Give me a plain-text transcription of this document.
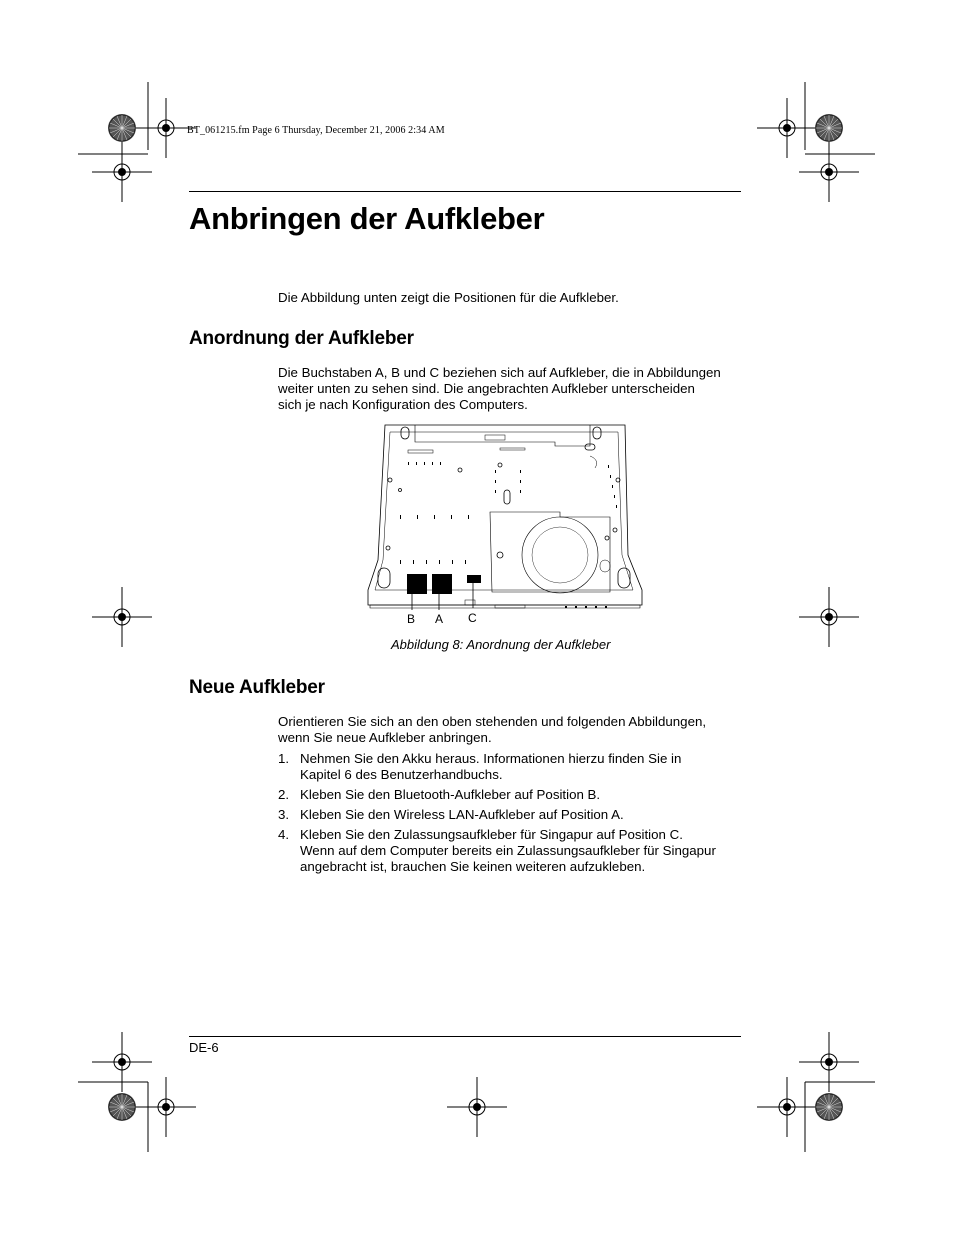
BT_061215.fm Page 6 Thursday, December 21, 2006 2:34 AM
Anbringen der Aufkleber
Die Abbildung unten zeigt die Positionen für die Aufkleber.
Anordnung der Aufkleber
Die Buchstaben A, B und C beziehen sich auf Aufkleber, die in Abbildungen
weiter unten zu sehen sind. Die angebrachten Aufkleber unterscheiden
sich je nach Konfiguration des Computers.
B A C
Abbildung 8: Anordnung der Aufkleber
Neue Aufkleber
Orientieren Sie sich an den oben stehenden und folgenden Abbildungen,
wenn Sie neue Aufkleber anbringen.
1. Nehmen Sie den Akku heraus. Informationen hierzu finden Sie in
Kapitel 6 des Benutzerhandbuchs.
2. Kleben Sie den Bluetooth-Aufkleber auf Position B.
3. Kleben Sie den Wireless LAN-Aufkleber auf Position A.
4. Kleben Sie den Zulassungsaufkleber für Singapur auf Position C.
Wenn auf dem Computer bereits ein Zulassungsaufkleber für Singapur
angebracht ist, brauchen Sie keinen weiteren aufzukleben.
DE-6
